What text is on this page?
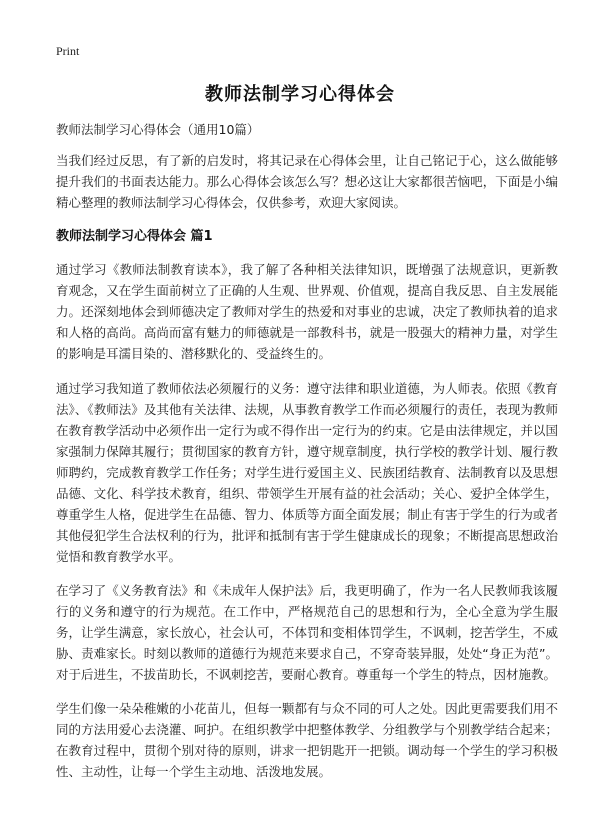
Print
教师法制学习心得体会

教师法制学习心得体会（通用10篇）

当我们经过反思，有了新的启发时，将其记录在心得体会里，让自己铭记于心，这么做能够提升我们的书面表达能力。那么心得体会该怎么写？想必这让大家都很苦恼吧，下面是小编精心整理的教师法制学习心得体会，仅供参考，欢迎大家阅读。

教师法制学习心得体会 篇1

通过学习《教师法制教育读本》，我了解了各种相关法律知识，既增强了法规意识，更新教育观念，又在学生面前树立了正确的人生观、世界观、价值观，提高自我反思、自主发展能力。还深刻地体会到师德决定了教师对学生的热爱和对事业的忠诚，决定了教师执着的追求和人格的高尚。高尚而富有魅力的师德就是一部教科书，就是一股强大的精神力量，对学生的影响是耳濡目染的、潜移默化的、受益终生的。

通过学习我知道了教师依法必须履行的义务：遵守法律和职业道德，为人师表。依照《教育法》、《教师法》及其他有关法律、法规，从事教育教学工作而必须履行的责任，表现为教师在教育教学活动中必须作出一定行为或不得作出一定行为的约束。它是由法律规定，并以国家强制力保障其履行；贯彻国家的教育方针，遵守规章制度，执行学校的教学计划、履行教师聘约，完成教育教学工作任务；对学生进行爱国主义、民族团结教育、法制教育以及思想品德、文化、科学技术教育，组织、带领学生开展有益的社会活动；关心、爱护全体学生，尊重学生人格，促进学生在品德、智力、体质等方面全面发展；制止有害于学生的行为或者其他侵犯学生合法权利的行为，批评和抵制有害于学生健康成长的现象；不断提高思想政治觉悟和教育教学水平。

在学习了《义务教育法》和《未成年人保护法》后，我更明确了，作为一名人民教师我该履行的义务和遵守的行为规范。在工作中，严格规范自己的思想和行为，全心全意为学生服务，让学生满意，家长放心，社会认可，不体罚和变相体罚学生，不讽刺，挖苦学生，不威胁、责难家长。时刻以教师的道德行为规范来要求自己，不穿奇装异服，处处“身正为范”。对于后进生，不拔苗助长，不讽刺挖苦，要耐心教育。尊重每一个学生的特点，因材施教。

学生们像一朵朵稚嫩的小花苗儿，但每一颗都有与众不同的可人之处。因此更需要我们用不同的方法用爱心去浇灌、呵护。在组织教学中把整体教学、分组教学与个别教学结合起来；在教育过程中，贯彻个别对待的原则，讲求一把钥匙开一把锁。调动每一个学生的学习积极性、主动性，让每一个学生主动地、活泼地发展。
